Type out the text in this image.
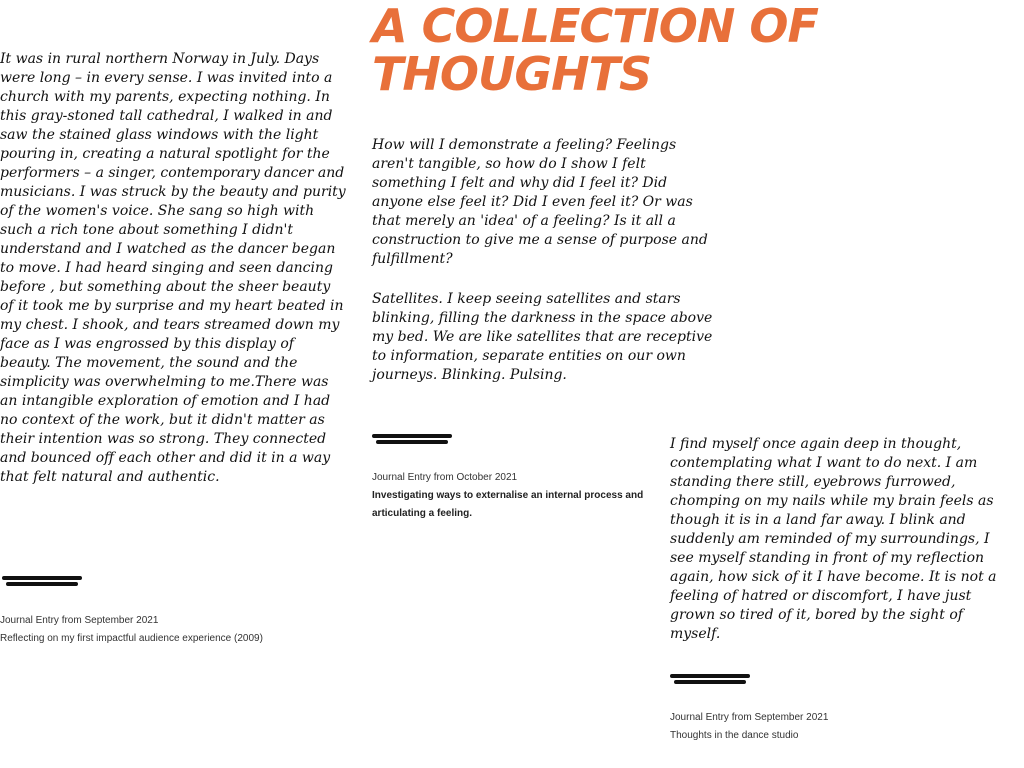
A COLLECTION OF THOUGHTS

It was in rural northern Norway in July. Days were long – in every sense. I was invited into a church with my parents, expecting nothing. In this gray-stoned tall cathedral, I walked in and saw the stained glass windows with the light pouring in, creating a natural spotlight for the performers – a singer, contemporary dancer and musicians. I was struck by the beauty and purity of the women's voice. She sang so high with such a rich tone about something I didn't understand and I watched as the dancer began to move. I had heard singing and seen dancing before , but something about the sheer beauty of it took me by surprise and my heart beated in my chest. I shook, and tears streamed down my face as I was engrossed by this display of beauty. The movement, the sound and the simplicity was overwhelming to me.There was an intangible exploration of emotion and I had no context of the work, but it didn't matter as their intention was so strong. They connected and bounced off each other and did it in a way that felt natural and authentic.

Journal Entry from September 2021
Reflecting on my first impactful audience experience (2009)

How will I demonstrate a feeling? Feelings aren't tangible, so how do I show I felt something I felt and why did I feel it? Did anyone else feel it? Did I even feel it? Or was that merely an 'idea' of a feeling? Is it all a construction to give me a sense of purpose and fulfillment?

Satellites. I keep seeing satellites and stars blinking, filling the darkness in the space above my bed. We are like satellites that are receptive to information, separate entities on our own journeys. Blinking. Pulsing.

Journal Entry from October 2021
Investigating ways to externalise an internal process and articulating a feeling.

I find myself once again deep in thought, contemplating what I want to do next. I am standing there still, eyebrows furrowed, chomping on my nails while my brain feels as though it is in a land far away. I blink and suddenly am reminded of my surroundings, I see myself standing in front of my reflection again, how sick of it I have become. It is not a feeling of hatred or discomfort, I have just grown so tired of it, bored by the sight of myself.

Journal Entry from September 2021
Thoughts in the dance studio
